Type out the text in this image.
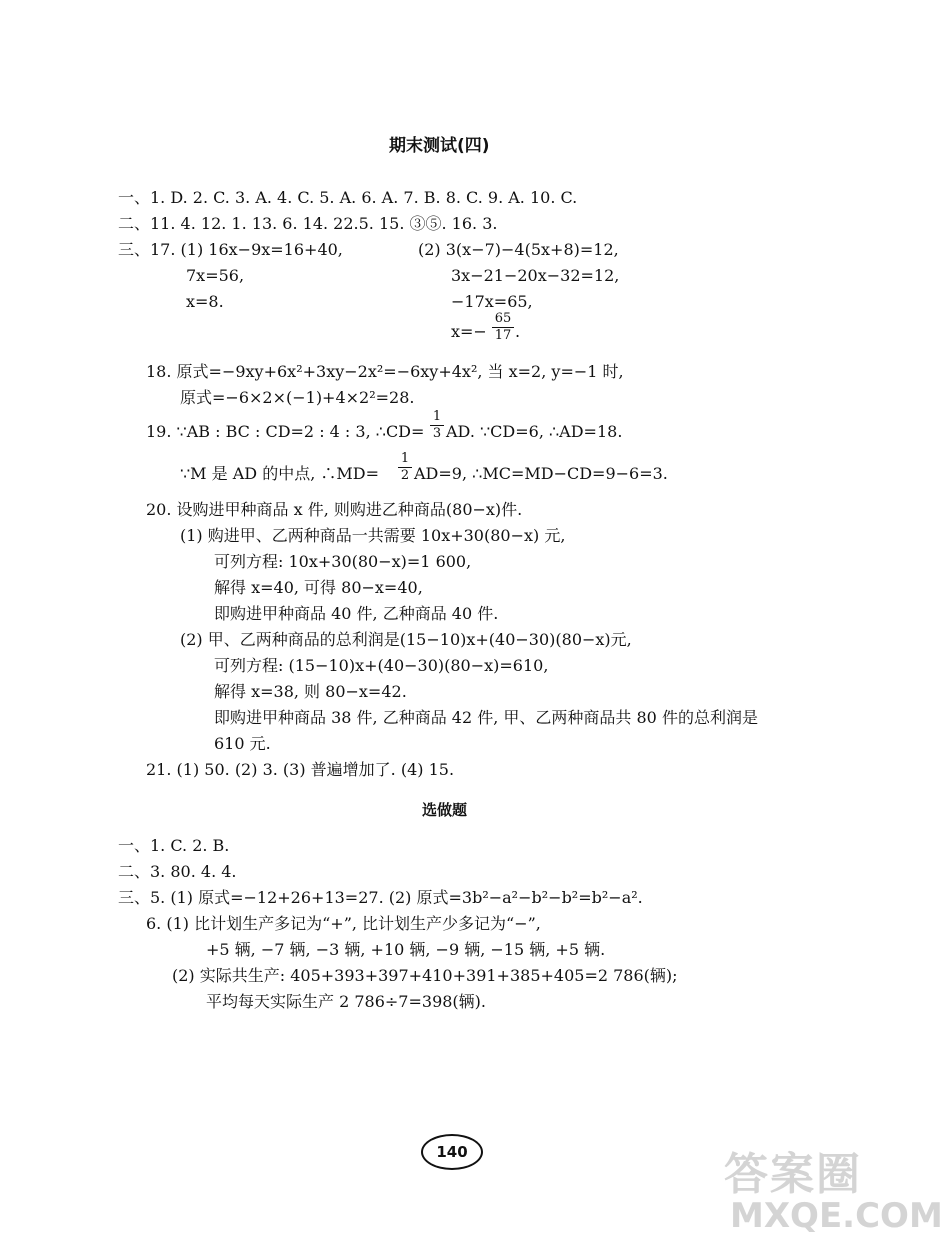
期末测试(四)
一、1. D. 2. C. 3. A. 4. C. 5. A. 6. A. 7. B. 8. C. 9. A. 10. C.
二、11. 4. 12. 1. 13. 6. 14. 22.5. 15. ③⑤. 16. 3.
三、17. (1) 16x−9x=16+40,
7x=56,
x=8.
(2) 3(x−7)−4(5x+8)=12,
3x−21−20x−32=12,
−17x=65,
x=−
65
17 .
18. 原式=−9xy+6x²+3xy−2x²=−6xy+4x², 当 x=2, y=−1 时,
原式=−6×2×(−1)+4×2²=28.
19. ∵AB : BC : CD=2 : 4 : 3, ∴CD=
1
3 AD. ∵CD=6, ∴AD=18.
∵M 是 AD 的中点, ∴MD=
1
2 AD=9, ∴MC=MD−CD=9−6=3.
20. 设购进甲种商品 x 件, 则购进乙种商品(80−x)件.
(1) 购进甲、乙两种商品一共需要 10x+30(80−x) 元,
可列方程: 10x+30(80−x)=1 600,
解得 x=40, 可得 80−x=40,
即购进甲种商品 40 件, 乙种商品 40 件.
(2) 甲、乙两种商品的总利润是(15−10)x+(40−30)(80−x)元,
可列方程: (15−10)x+(40−30)(80−x)=610,
解得 x=38, 则 80−x=42.
即购进甲种商品 38 件, 乙种商品 42 件, 甲、乙两种商品共 80 件的总利润是
610 元.
21. (1) 50. (2) 3. (3) 普遍增加了. (4) 15.
选做题
一、1. C. 2. B.
二、3. 80. 4. 4.
三、5. (1) 原式=−12+26+13=27. (2) 原式=3b²−a²−b²−b²=b²−a².
6. (1) 比计划生产多记为“+”, 比计划生产少多记为“−”,
+5 辆, −7 辆, −3 辆, +10 辆, −9 辆, −15 辆, +5 辆.
(2) 实际共生产: 405+393+397+410+391+385+405=2 786(辆);
平均每天实际生产 2 786÷7=398(辆).
140	答案圈
MXQE.COM
